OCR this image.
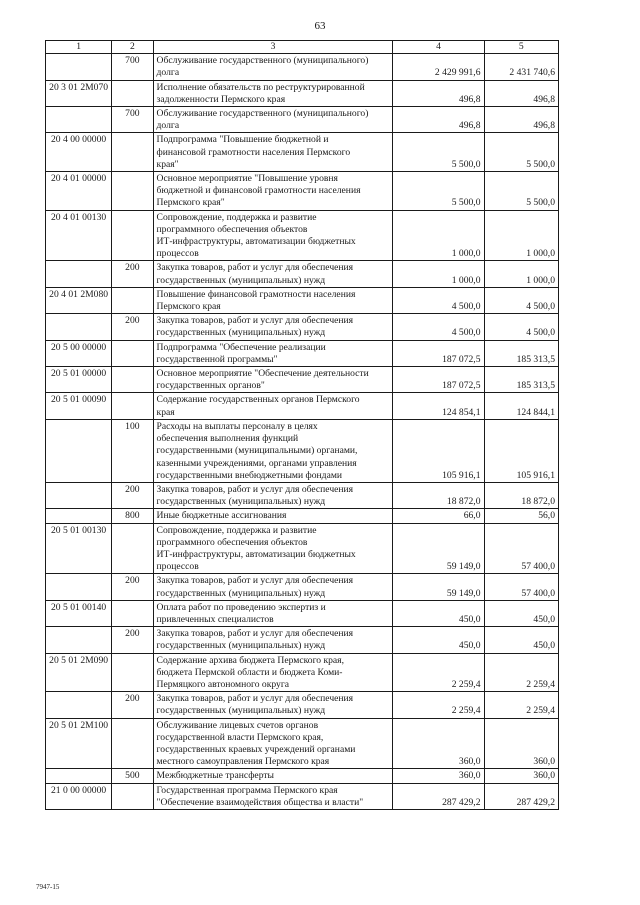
63
1	2	3	4	5
	700	Обслуживание государственного (муниципального)
долга	2 429 991,6	2 431 740,6
20 3 01 2М070		Исполнение обязательств по реструктурированной
задолженности Пермского края	496,8	496,8
	700	Обслуживание государственного (муниципального)
долга	496,8	496,8
20 4 00 00000		Подпрограмма "Повышение бюджетной и
финансовой грамотности населения Пермского
края"	5 500,0	5 500,0
20 4 01 00000		Основное мероприятие "Повышение уровня
бюджетной и финансовой грамотности населения
Пермского края"	5 500,0	5 500,0
20 4 01 00130		Сопровождение, поддержка и развитие
программного обеспечения объектов
ИТ-инфраструктуры, автоматизации бюджетных
процессов	1 000,0	1 000,0
	200	Закупка товаров, работ и услуг для обеспечения
государственных (муниципальных) нужд	1 000,0	1 000,0
20 4 01 2М080		Повышение финансовой грамотности населения
Пермского края	4 500,0	4 500,0
	200	Закупка товаров, работ и услуг для обеспечения
государственных (муниципальных) нужд	4 500,0	4 500,0
20 5 00 00000		Подпрограмма "Обеспечение реализации
государственной программы"	187 072,5	185 313,5
20 5 01 00000		Основное мероприятие "Обеспечение деятельности
государственных органов"	187 072,5	185 313,5
20 5 01 00090		Содержание государственных органов Пермского
края	124 854,1	124 844,1
	100	Расходы на выплаты персоналу в целях
обеспечения выполнения функций
государственными (муниципальными) органами,
казенными учреждениями, органами управления
государственными внебюджетными фондами	105 916,1	105 916,1
	200	Закупка товаров, работ и услуг для обеспечения
государственных (муниципальных) нужд	18 872,0	18 872,0
	800	Иные бюджетные ассигнования	66,0	56,0
20 5 01 00130		Сопровождение, поддержка и развитие
программного обеспечения объектов
ИТ-инфраструктуры, автоматизации бюджетных
процессов	59 149,0	57 400,0
	200	Закупка товаров, работ и услуг для обеспечения
государственных (муниципальных) нужд	59 149,0	57 400,0
20 5 01 00140		Оплата работ по проведению экспертиз и
привлеченных специалистов	450,0	450,0
	200	Закупка товаров, работ и услуг для обеспечения
государственных (муниципальных) нужд	450,0	450,0
20 5 01 2М090		Содержание архива бюджета Пермского края,
бюджета Пермской области и бюджета Коми-
Пермяцкого автономного округа	2 259,4	2 259,4
	200	Закупка товаров, работ и услуг для обеспечения
государственных (муниципальных) нужд	2 259,4	2 259,4
20 5 01 2М100		Обслуживание лицевых счетов органов
государственной власти Пермского края,
государственных краевых учреждений органами
местного самоуправления Пермского края	360,0	360,0
	500	Межбюджетные трансферты	360,0	360,0
21 0 00 00000		Государственная программа Пермского края
"Обеспечение взаимодействия общества и власти"	287 429,2	287 429,2
7947-15
